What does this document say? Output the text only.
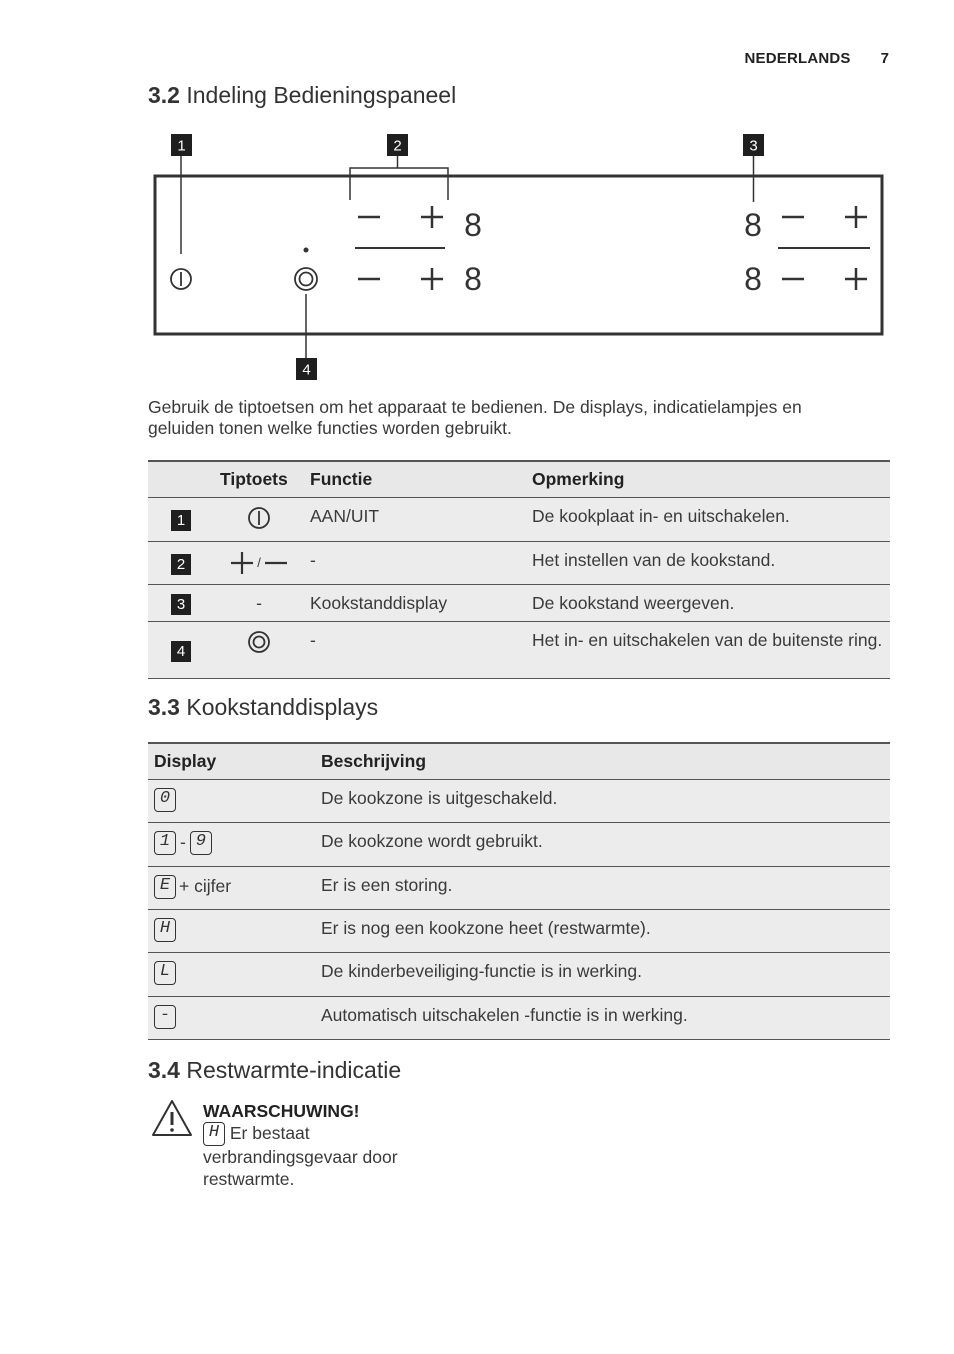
NEDERLANDS 7
3.2 Indeling Bedieningspaneel
1	2	3
4
8
8
8
8

Gebruik de tiptoetsen om het apparaat te bedienen. De displays, indicatielampjes en geluiden tonen welke functies worden gebruikt.

	Tiptoets	Functie	Opmerking
1		AAN/UIT	De kookplaat in- en uitschakelen.
2	/	-	Het instellen van de kookstand.
3	-	Kookstanddisplay	De kookstand weergeven.
4		-	Het in- en uitschakelen van de buitenste ring.
3.3 Kookstanddisplays
Display	Beschrijving
0	De kookzone is uitgeschakeld.
1 - 9	De kookzone wordt gebruikt.
E + cijfer	Er is een storing.
H	Er is nog een kookzone heet (restwarmte).
L	De kinderbeveiliging-functie is in werking.
-	Automatisch uitschakelen -functie is in werking.
3.4 Restwarmte-indicatie
WAARSCHUWING!
H Er bestaat verbrandingsgevaar door restwarmte.
